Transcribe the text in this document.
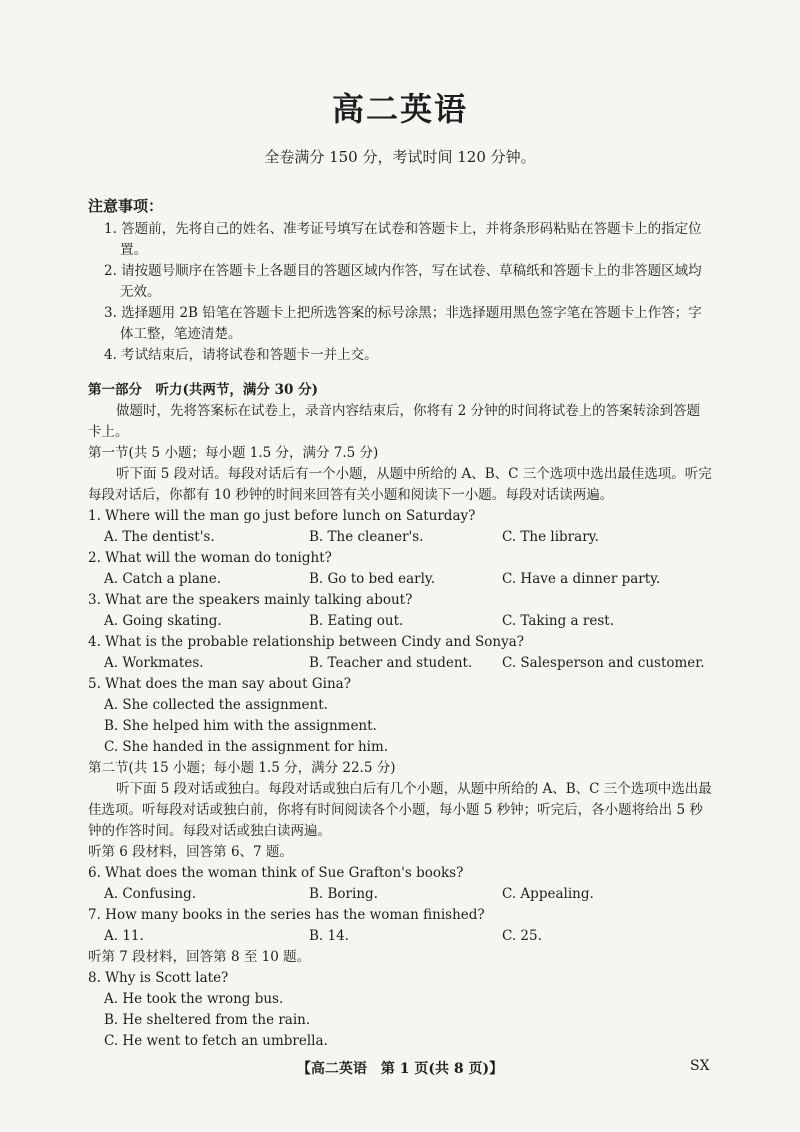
高二英语
全卷满分 150 分，考试时间 120 分钟。

注意事项：

1. 答题前，先将自己的姓名、准考证号填写在试卷和答题卡上，并将条形码粘贴在答题卡上的指定位置。

2. 请按题号顺序在答题卡上各题目的答题区域内作答，写在试卷、草稿纸和答题卡上的非答题区域均无效。

3. 选择题用 2B 铅笔在答题卡上把所选答案的标号涂黑；非选择题用黑色签字笔在答题卡上作答；字体工整，笔迹清楚。

4. 考试结束后，请将试卷和答题卡一并上交。

第一部分　听力(共两节，满分 30 分)

做题时，先将答案标在试卷上，录音内容结束后，你将有 2 分钟的时间将试卷上的答案转涂到答题卡上。

第一节(共 5 小题；每小题 1.5 分，满分 7.5 分)

听下面 5 段对话。每段对话后有一个小题，从题中所给的 A、B、C 三个选项中选出最佳选项。听完每段对话后，你都有 10 秒钟的时间来回答有关小题和阅读下一小题。每段对话读两遍。

1. Where will the man go just before lunch on Saturday?

A. The dentist's.	B. The cleaner's.	C. The library.

2. What will the woman do tonight?

A. Catch a plane.	B. Go to bed early.	C. Have a dinner party.

3. What are the speakers mainly talking about?

A. Going skating.	B. Eating out.	C. Taking a rest.

4. What is the probable relationship between Cindy and Sonya?

A. Workmates.	B. Teacher and student.	C. Salesperson and customer.

5. What does the man say about Gina?

A. She collected the assignment.

B. She helped him with the assignment.

C. She handed in the assignment for him.

第二节(共 15 小题；每小题 1.5 分，满分 22.5 分)

听下面 5 段对话或独白。每段对话或独白后有几个小题，从题中所给的 A、B、C 三个选项中选出最佳选项。听每段对话或独白前，你将有时间阅读各个小题，每小题 5 秒钟；听完后，各小题将给出 5 秒钟的作答时间。每段对话或独白读两遍。

听第 6 段材料，回答第 6、7 题。

6. What does the woman think of Sue Grafton's books?

A. Confusing.	B. Boring.	C. Appealing.

7. How many books in the series has the woman finished?

A. 11.	B. 14.	C. 25.

听第 7 段材料，回答第 8 至 10 题。

8. Why is Scott late?

A. He took the wrong bus.

B. He sheltered from the rain.

C. He went to fetch an umbrella.

【高二英语　第 1 页(共 8 页)】	SX
